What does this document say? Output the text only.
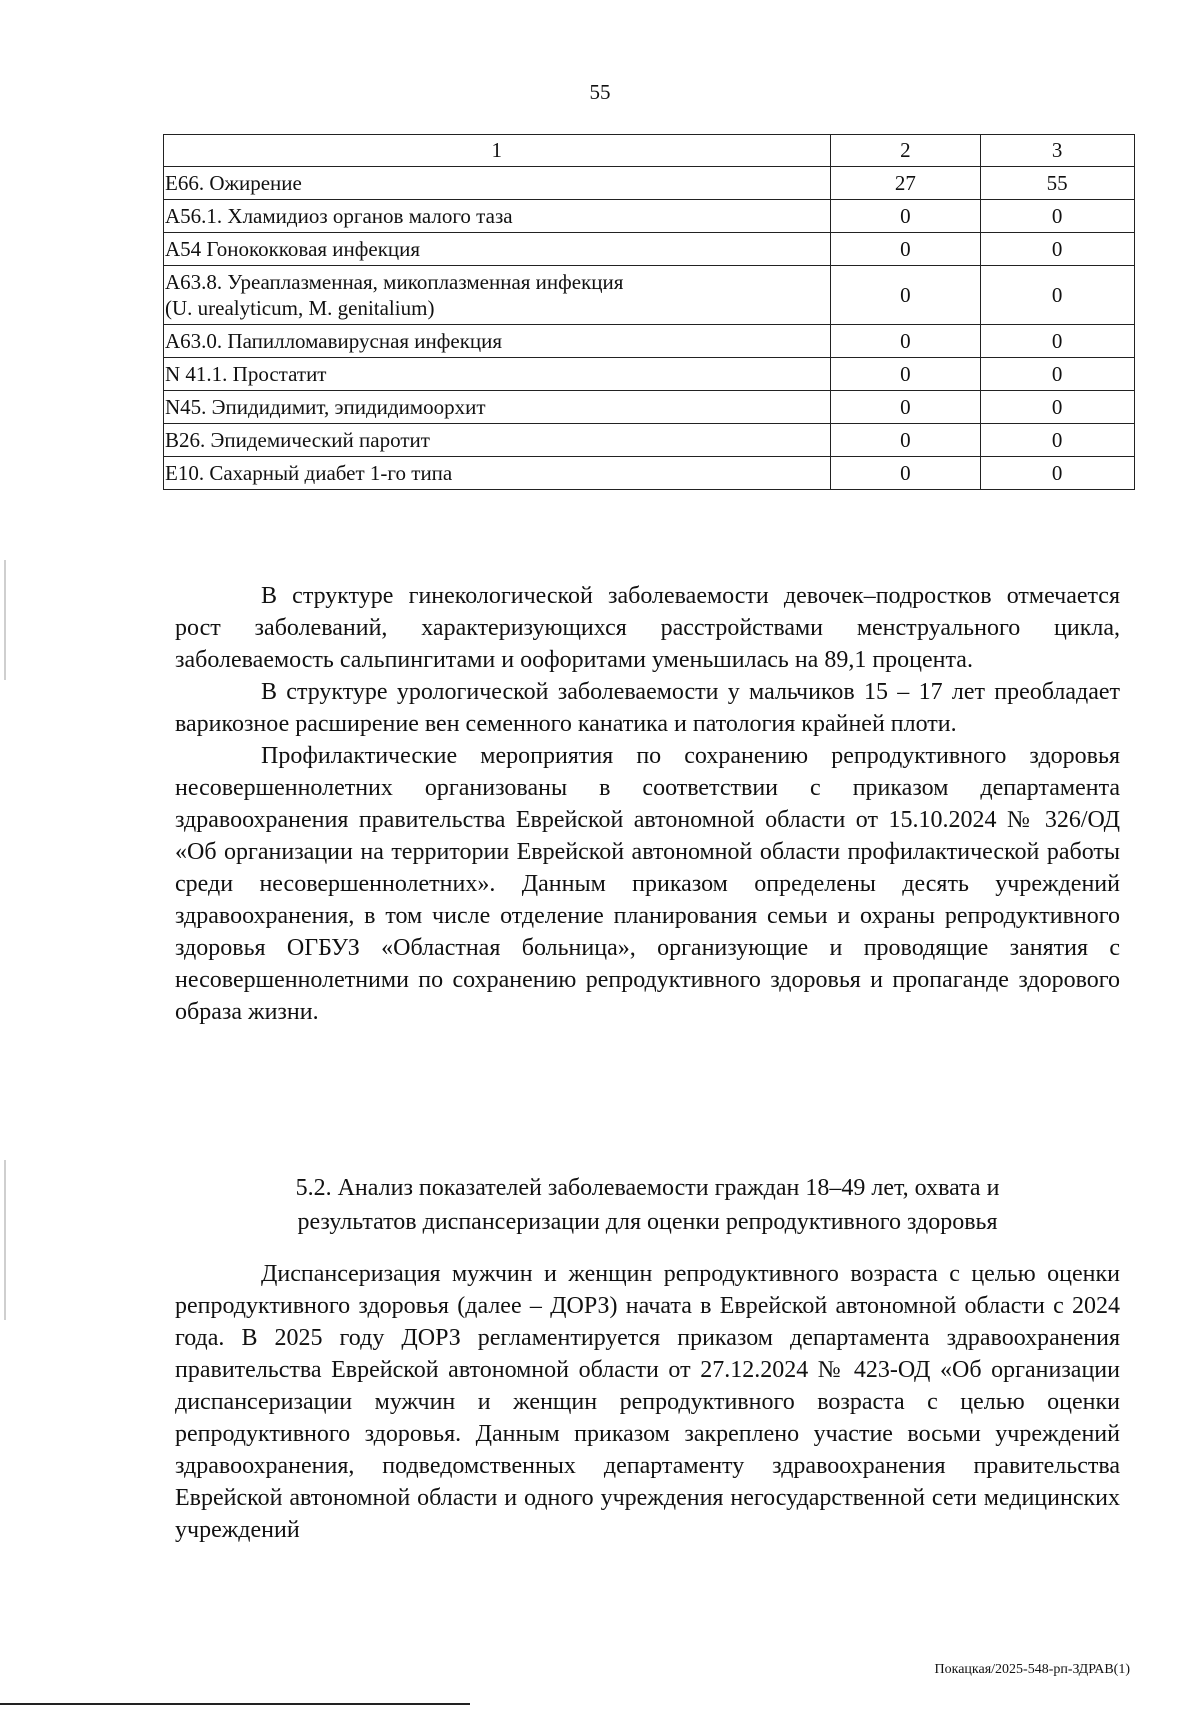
55
1	2	3
Е66. Ожирение	27	55
А56.1. Хламидиоз органов малого таза	0	0
А54 Гонококковая инфекция	0	0

А63.8. Уреаплазменная, микоплазменная инфекция
(U. urealyticum, M. genitalium)	0	0
А63.0. Папилломавирусная инфекция	0	0
N 41.1. Простатит	0	0
N45. Эпидидимит, эпидидимоорхит	0	0
В26. Эпидемический паротит	0	0
Е10. Сахарный диабет 1-го типа	0	0

В структуре гинекологической заболеваемости девочек–подростков отмечается рост заболеваний, характеризующихся расстройствами менструального цикла, заболеваемость сальпингитами и оофоритами уменьшилась на 89,1 процента.

В структуре урологической заболеваемости у мальчиков 15 – 17 лет преобладает варикозное расширение вен семенного канатика и патология крайней плоти.

Профилактические мероприятия по сохранению репродуктивного здоровья несовершеннолетних организованы в соответствии с приказом департамента здравоохранения правительства Еврейской автономной области от 15.10.2024 № 326/ОД «Об организации на территории Еврейской автономной области профилактической работы среди несовершеннолетних». Данным приказом определены десять учреждений здравоохранения, в том числе отделение планирования семьи и охраны репродуктивного здоровья ОГБУЗ «Областная больница», организующие и проводящие занятия с несовершеннолетними по сохранению репродуктивного здоровья и пропаганде здорового образа жизни.

5.2. Анализ показателей заболеваемости граждан 18–49 лет, охвата и
результатов диспансеризации для оценки репродуктивного здоровья

Диспансеризация мужчин и женщин репродуктивного возраста с целью оценки репродуктивного здоровья (далее – ДОРЗ) начата в Еврейской автономной области с 2024 года. В 2025 году ДОРЗ регламентируется приказом департамента здравоохранения правительства Еврейской автономной области от 27.12.2024 № 423-ОД «Об организации диспансеризации мужчин и женщин репродуктивного возраста с целью оценки репродуктивного здоровья. Данным приказом закреплено участие восьми учреждений здравоохранения, подведомственных департаменту здравоохранения правительства Еврейской автономной области и одного учреждения негосударственной сети медицинских учреждений

Покацкая/2025-548-рп-ЗДРАВ(1)
